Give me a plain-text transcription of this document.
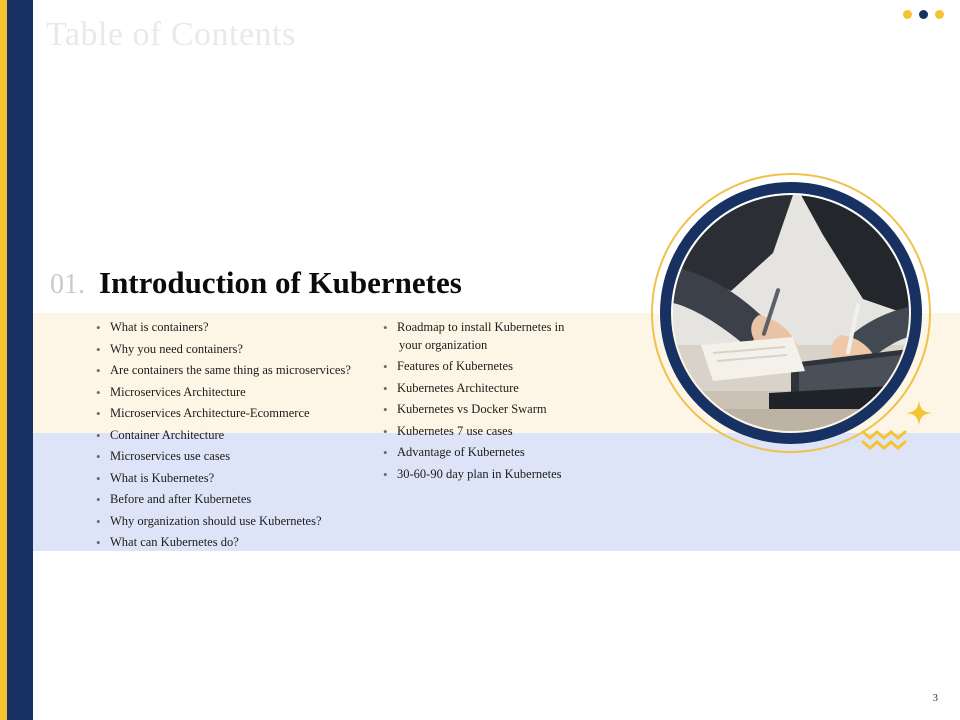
Table of Contents
01. Introduction of Kubernetes
• What is containers?
• Why you need containers?
• Are containers the same thing as microservices?
• Microservices Architecture
• Microservices Architecture-Ecommerce
• Container Architecture
• Microservices use cases
• What is Kubernetes?
• Before and after Kubernetes
• Why organization should use Kubernetes?
• What can Kubernetes do?
• Roadmap to install Kubernetes in
your organization
• Features of Kubernetes
• Kubernetes Architecture
• Kubernetes vs Docker Swarm
• Kubernetes 7 use cases
• Advantage of Kubernetes
• 30-60-90 day plan in Kubernetes
3
